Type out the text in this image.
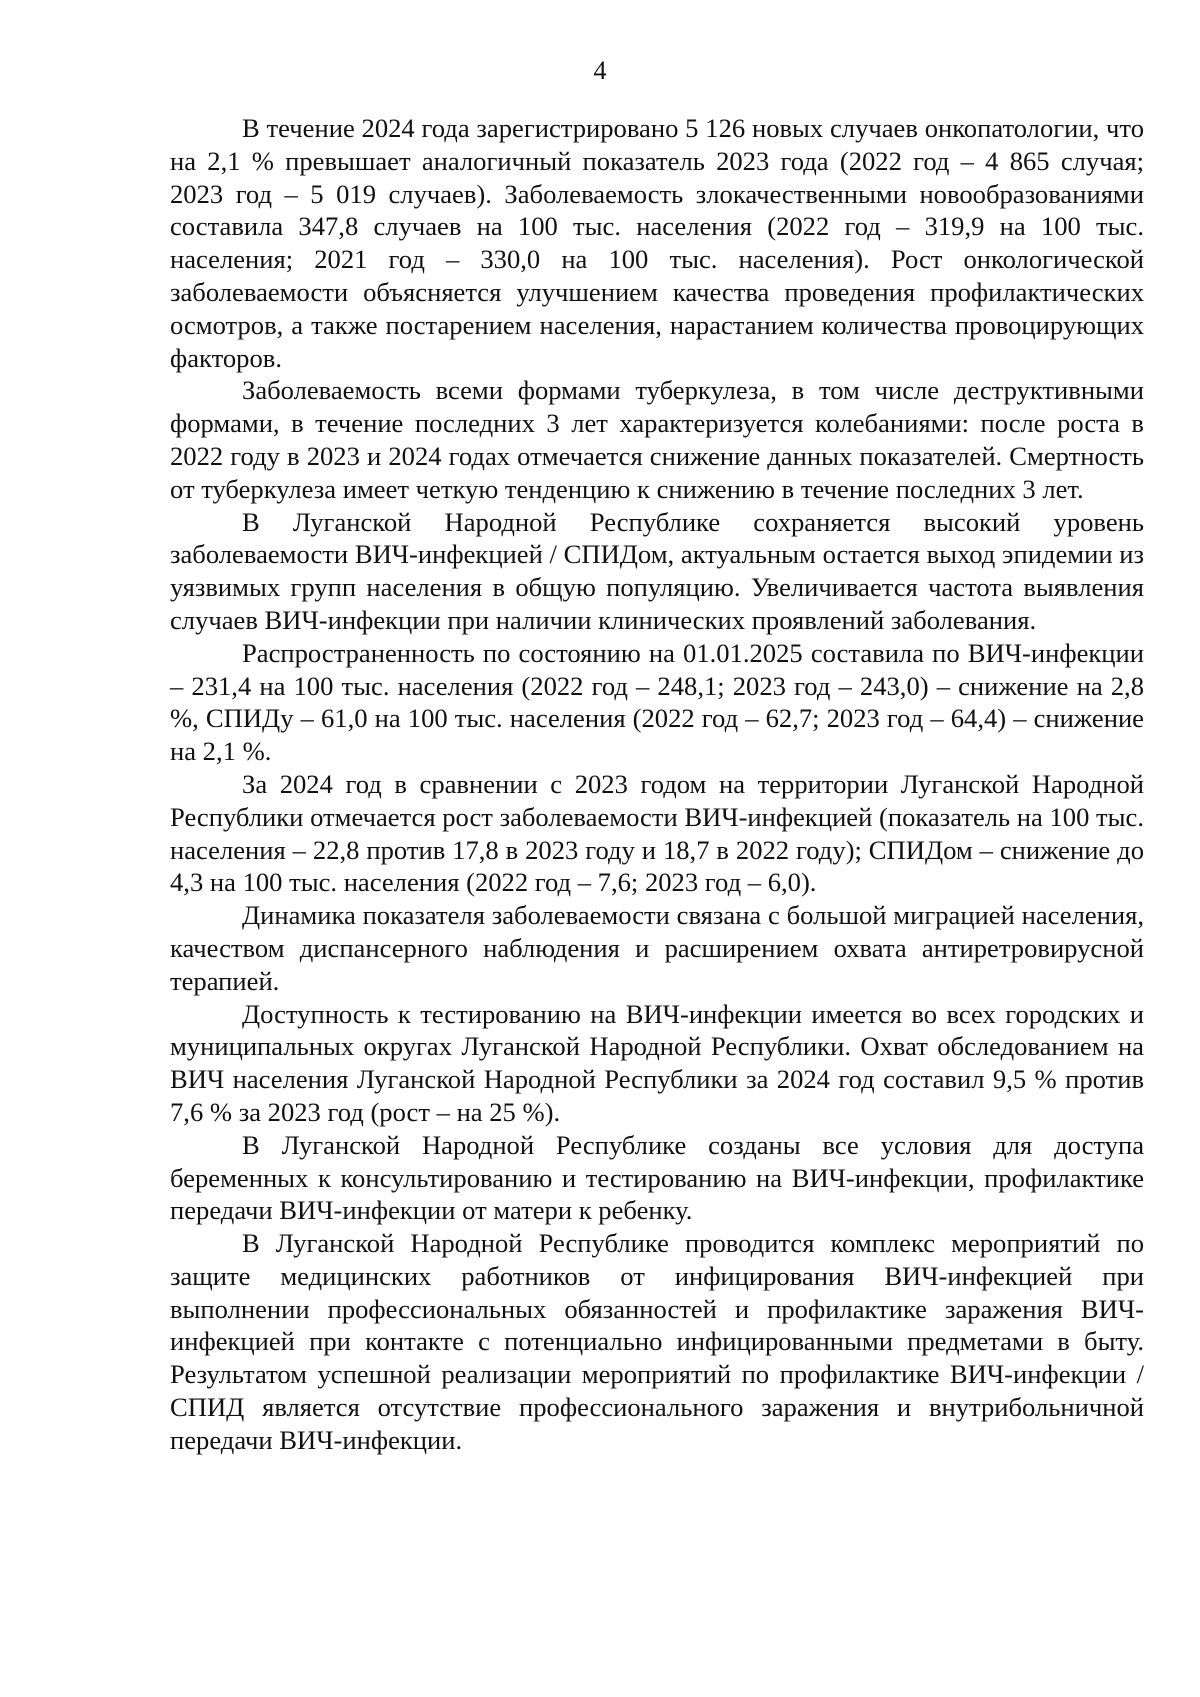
4

В течение 2024 года зарегистрировано 5 126 новых случаев онкопатологии, что на 2,1 % превышает аналогичный показатель 2023 года (2022 год – 4 865 случая; 2023 год – 5 019 случаев). Заболеваемость злокачественными новообразованиями составила 347,8 случаев на 100 тыс. населения (2022 год – 319,9 на 100 тыс. населения; 2021 год – 330,0 на 100 тыс. населения). Рост онкологической заболеваемости объясняется улучшением качества проведения профилактических осмотров, а также постарением населения, нарастанием количества провоцирующих факторов.

Заболеваемость всеми формами туберкулеза, в том числе деструктивными формами, в течение последних 3 лет характеризуется колебаниями: после роста в 2022 году в 2023 и 2024 годах отмечается снижение данных показателей. Смертность от туберкулеза имеет четкую тенденцию к снижению в течение последних 3 лет.

В Луганской Народной Республике сохраняется высокий уровень заболеваемости ВИЧ-инфекцией / СПИДом, актуальным остается выход эпидемии из уязвимых групп населения в общую популяцию. Увеличивается частота выявления случаев ВИЧ-инфекции при наличии клинических проявлений заболевания.

Распространенность по состоянию на 01.01.2025 составила по ВИЧ-инфекции – 231,4 на 100 тыс. населения (2022 год – 248,1; 2023 год – 243,0) – снижение на 2,8 %, СПИДу – 61,0 на 100 тыс. населения (2022 год – 62,7; 2023 год – 64,4) – снижение на 2,1 %.

За 2024 год в сравнении с 2023 годом на территории Луганской Народной Республики отмечается рост заболеваемости ВИЧ-инфекцией (показатель на 100 тыс. населения – 22,8 против 17,8 в 2023 году и 18,7 в 2022 году); СПИДом – снижение до 4,3 на 100 тыс. населения (2022 год – 7,6; 2023 год – 6,0).

Динамика показателя заболеваемости связана с большой миграцией населения, качеством диспансерного наблюдения и расширением охвата антиретровирусной терапией.

Доступность к тестированию на ВИЧ-инфекции имеется во всех городских и муниципальных округах Луганской Народной Республики. Охват обследованием на ВИЧ населения Луганской Народной Республики за 2024 год составил 9,5 % против 7,6 % за 2023 год (рост – на 25 %).

В Луганской Народной Республике созданы все условия для доступа беременных к консультированию и тестированию на ВИЧ-инфекции, профилактике передачи ВИЧ-инфекции от матери к ребенку.

В Луганской Народной Республике проводится комплекс мероприятий по защите медицинских работников от инфицирования ВИЧ-инфекцией при выполнении профессиональных обязанностей и профилактике заражения ВИЧ-инфекцией при контакте с потенциально инфицированными предметами в быту. Результатом успешной реализации мероприятий по профилактике ВИЧ-инфекции / СПИД является отсутствие профессионального заражения и внутрибольничной передачи ВИЧ-инфекции.
